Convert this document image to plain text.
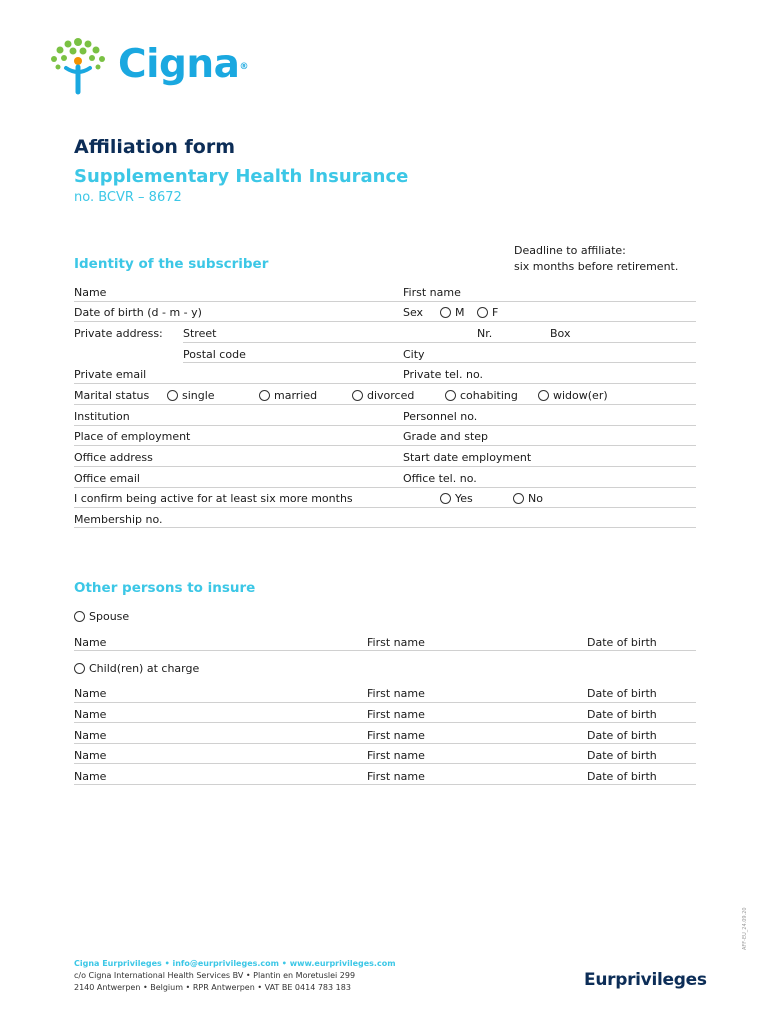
Cigna®
Affiliation form
Supplementary Health Insurance
no. BCVR – 8672
Deadline to affiliate:
six months before retirement.
Identity of the subscriber
Name	First name
Date of birth (d - m - y)	Sex	M	F
Private address: Street	Nr.	Box
Postal code	City
Private email	Private tel. no.
Marital status	single	married	divorced	cohabiting	widow(er)
Institution	Personnel no.
Place of employment	Grade and step
Office address	Start date employment
Office email	Office tel. no.
I confirm being active for at least six more months	Yes	No
Membership no.
Other persons to insure
Spouse
Name	First name	Date of birth
Child(ren) at charge
Name	First name	Date of birth
Name	First name	Date of birth
Name	First name	Date of birth
Name	First name	Date of birth
Name	First name	Date of birth
Cigna Eurprivileges • info@eurprivileges.com • www.eurprivileges.com
c/o Cigna International Health Services BV • Plantin en Moretuslei 299
2140 Antwerpen • Belgium • RPR Antwerpen • VAT BE 0414 783 183	Eurprivileges
AFF-EU_24.09.20
